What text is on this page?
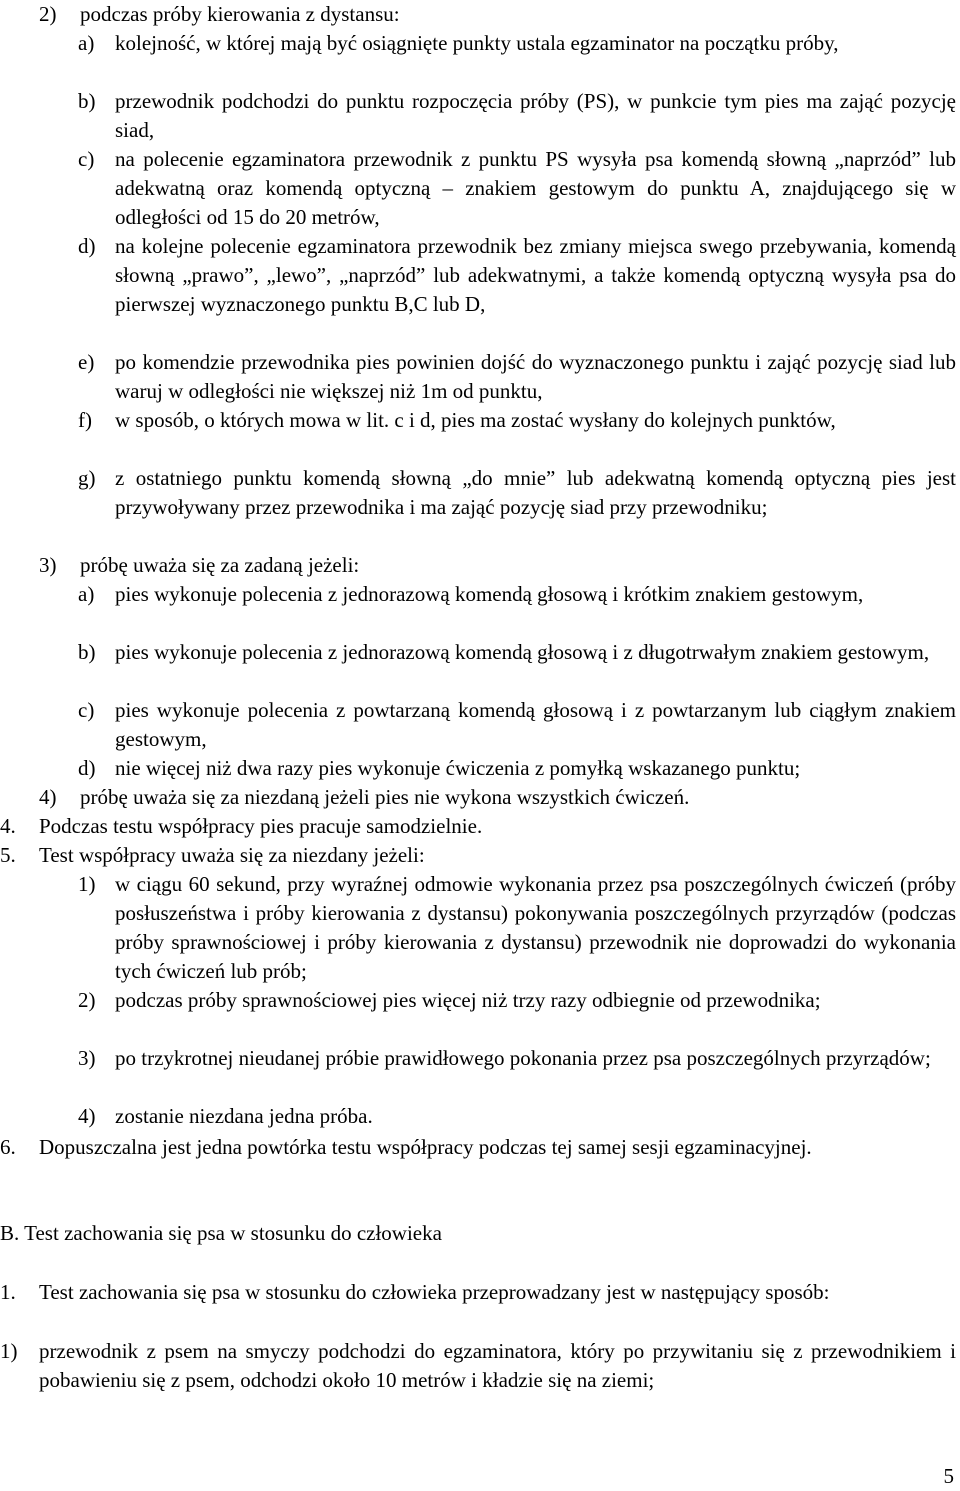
2) podczas próby kierowania z dystansu:
a) kolejność, w której mają być osiągnięte punkty ustala egzaminator na początku próby,
b) przewodnik podchodzi do punktu rozpoczęcia próby (PS), w punkcie tym pies ma zająć pozycję siad,
c) na polecenie egzaminatora przewodnik z punktu PS wysyła psa komendą słowną „naprzód” lub adekwatną oraz komendą optyczną – znakiem gestowym do punktu A, znajdującego się w odległości od 15 do 20 metrów,
d) na kolejne polecenie egzaminatora przewodnik bez zmiany miejsca swego przebywania, komendą słowną „prawo”, „lewo”, „naprzód” lub adekwatnymi, a także komendą optyczną wysyła psa do pierwszej wyznaczonego punktu B,C lub D,
e) po komendzie przewodnika pies powinien dojść do wyznaczonego punktu i zająć pozycję siad lub waruj w odległości nie większej niż 1m od punktu,
f) w sposób, o których mowa w lit. c i d, pies ma zostać wysłany do kolejnych punktów,
g) z ostatniego punktu komendą słowną „do mnie” lub adekwatną komendą optyczną pies jest przywoływany przez przewodnika i ma zająć pozycję siad przy przewodniku;
3) próbę uważa się za zadaną jeżeli:
a) pies wykonuje polecenia z jednorazową komendą głosową i krótkim znakiem gestowym,
b) pies wykonuje polecenia z jednorazową komendą głosową i z długotrwałym znakiem gestowym,
c) pies wykonuje polecenia z powtarzaną komendą głosową i z powtarzanym lub ciągłym znakiem gestowym,
d) nie więcej niż dwa razy pies wykonuje ćwiczenia z pomyłką wskazanego punktu;
4) próbę uważa się za niezdaną jeżeli pies nie wykona wszystkich ćwiczeń.
4. Podczas testu współpracy pies pracuje samodzielnie.
5. Test współpracy uważa się za niezdany jeżeli:
1) w ciągu 60 sekund, przy wyraźnej odmowie wykonania przez psa poszczególnych ćwiczeń (próby posłuszeństwa i próby kierowania z dystansu) pokonywania poszczególnych przyrządów (podczas próby sprawnościowej i próby kierowania z dystansu) przewodnik nie doprowadzi do wykonania tych ćwiczeń lub prób;
2) podczas próby sprawnościowej pies więcej niż trzy razy odbiegnie od przewodnika;
3) po trzykrotnej nieudanej próbie prawidłowego pokonania przez psa poszczególnych przyrządów;
4) zostanie niezdana jedna próba.
6. Dopuszczalna jest jedna powtórka testu współpracy podczas tej samej sesji egzaminacyjnej.
B. Test zachowania się psa w stosunku do człowieka
1. Test zachowania się psa w stosunku do człowieka przeprowadzany jest w następujący sposób:
1) przewodnik z psem na smyczy podchodzi do egzaminatora, który po przywitaniu się z przewodnikiem i pobawieniu się z psem, odchodzi około 10 metrów i kładzie się na ziemi;
5
